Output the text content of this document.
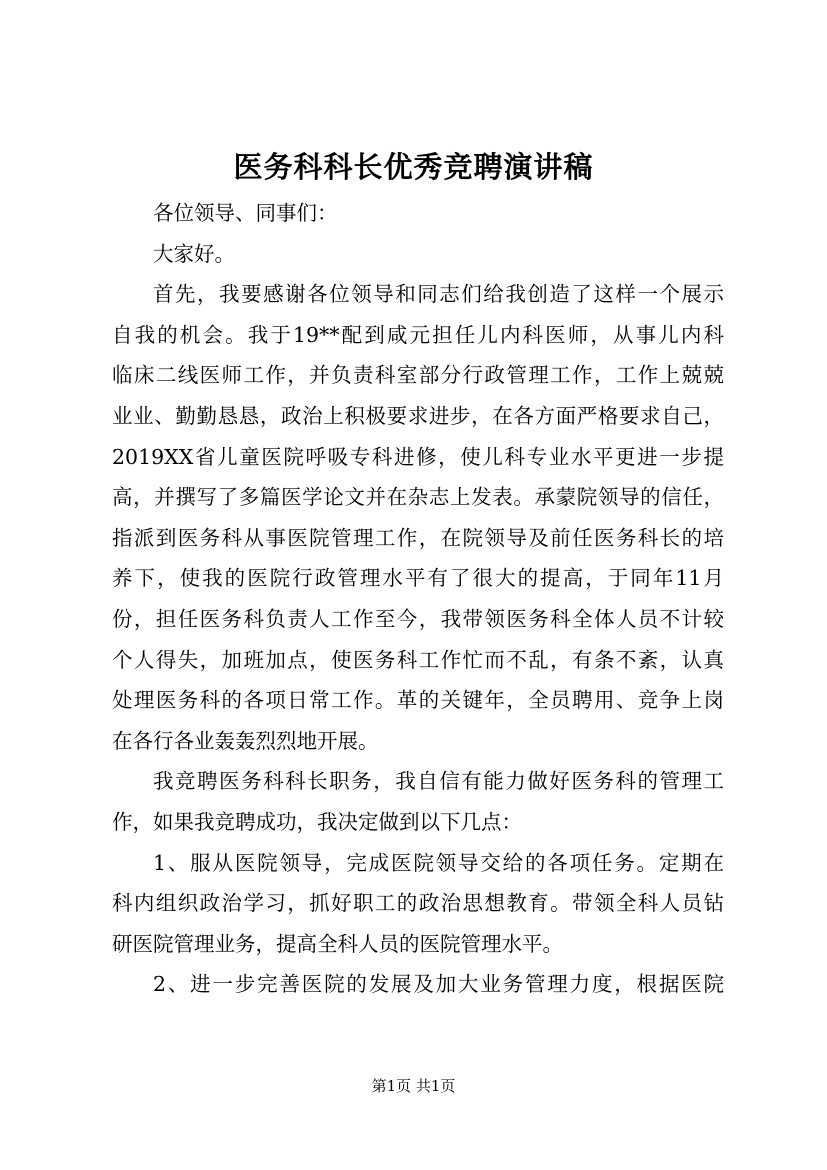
医务科科长优秀竞聘演讲稿
各位领导、同事们：
大家好。
首先，我要感谢各位领导和同志们给我创造了这样一个展示
自我的机会。我于19**配到咸元担任儿内科医师，从事儿内科
临床二线医师工作，并负责科室部分行政管理工作，工作上兢兢
业业、勤勤恳恳，政治上积极要求进步，在各方面严格要求自己，
2019XX省儿童医院呼吸专科进修，使儿科专业水平更进一步提
高，并撰写了多篇医学论文并在杂志上发表。承蒙院领导的信任，
指派到医务科从事医院管理工作，在院领导及前任医务科长的培
养下，使我的医院行政管理水平有了很大的提高，于同年11月
份，担任医务科负责人工作至今，我带领医务科全体人员不计较
个人得失，加班加点，使医务科工作忙而不乱，有条不紊，认真
处理医务科的各项日常工作。革的关键年，全员聘用、竞争上岗
在各行各业轰轰烈烈地开展。
我竞聘医务科科长职务，我自信有能力做好医务科的管理工
作，如果我竞聘成功，我决定做到以下几点：
1、服从医院领导，完成医院领导交给的各项任务。定期在
科内组织政治学习，抓好职工的政治思想教育。带领全科人员钻
研医院管理业务，提高全科人员的医院管理水平。
2、进一步完善医院的发展及加大业务管理力度，根据医院
第1页 共1页
